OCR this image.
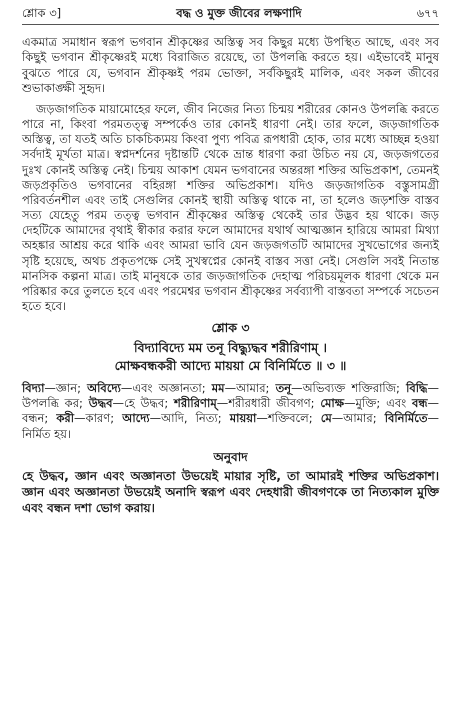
শ্লোক ৩]	বদ্ধ ও মুক্ত জীবের লক্ষণাদি	৬৭৭

একমাত্র সমাধান স্বরূপ ভগবান শ্রীকৃষ্ণের অস্তিত্ব সব কিছুর মধ্যে উপস্থিত আছে, এবং সব কিছুই ভগবান শ্রীকৃষ্ণেরই মধ্যে বিরাজিত রয়েছে, তা উপলব্ধি করতে হয়। এইভাবেই মানুষ বুঝতে পারে যে, ভগবান শ্রীকৃষ্ণই পরম ভোক্তা, সর্বকিছুরই মালিক, এবং সকল জীবের শুভাকাঙ্ক্ষী সুহৃদ।

জড়জাগতিক মায়ামোহের ফলে, জীব নিজের নিত্য চিন্ময় শরীরের কোনও উপলব্ধি করতে পারে না, কিংবা পরমতত্ত্ব সম্পর্কেও তার কোনই ধারণা নেই। তার ফলে, জড়জাগতিক অস্তিত্ব, তা যতই অতি চাকচিক্যময় কিংবা পুণ্য পবিত্র রূপধারী হোক, তার মধ্যে আচ্ছন্ন হওয়া সর্বদাই মূর্খতা মাত্র। স্বপ্নদর্শনের দৃষ্টান্তটি থেকে ভ্রান্ত ধারণা করা উচিত নয় যে, জড়জগতের দুঃখ কোনই অস্তিত্ব নেই। চিন্ময় আকাশ যেমন ভগবানের অন্তরঙ্গা শক্তির অভিপ্রকাশ, তেমনই জড়প্রকৃতিও ভগবানের বহিরঙ্গা শক্তির অভিপ্রকাশ। যদিও জড়জাগতিক বস্তুসামগ্রী পরিবর্তনশীল এবং তাই সেগুলির কোনই স্থায়ী অস্তিত্ব থাকে না, তা হলেও জড়শক্তি বাস্তব সত্য যেহেতু পরম তত্ত্ব ভগবান শ্রীকৃষ্ণের অস্তিত্ব থেকেই তার উদ্ভব হয় থাকে। জড় দেহটিকে আমাদের বৃথাই স্বীকার করার ফলে আমাদের যথার্থ আত্মজ্ঞান হারিয়ে আমরা মিথ্যা অহঙ্কার আশ্রয় করে থাকি এবং আমরা ভাবি যেন জড়জগতটি আমাদের সুখভোগের জন্যই সৃষ্টি হয়েছে, অথচ প্রকৃতপক্ষে সেই সুখস্বপ্নের কোনই বাস্তব সত্তা নেই। সেগুলি সবই নিতান্ত মানসিক কল্পনা মাত্র। তাই মানুষকে তার জড়জাগতিক দেহাত্ম পরিচয়মূলক ধারণা থেকে মন পরিষ্কার করে তুলতে হবে এবং পরমেশ্বর ভগবান শ্রীকৃষ্ণের সর্বব্যাপী বাস্তবতা সম্পর্কে সচেতন হতে হবে।

শ্লোক ৩
বিদ্যাবিদ্যে মম তনূ বিদ্ধ্যুদ্ধব শরীরিণাম্ ।
মোক্ষবন্ধকরী আদ্যে মায়য়া মে বিনির্মিতে ॥ ৩ ॥

বিদ্যা—জ্ঞান; অবিদ্যে—এবং অজ্ঞানতা; মম—আমার; তনূ—অভিব্যক্ত শক্তিরাজি; বিদ্ধি—উপলব্ধি কর; উদ্ধব—হে উদ্ধব; শরীরিণাম্—শরীরধারী জীবগণ; মোক্ষ—মুক্তি; এবং বন্ধ—বন্ধন; করী—কারণ; আদ্যে—আদি, নিত্য; মায়য়া—শক্তিবলে; মে—আমার; বিনির্মিতে—নির্মিত হয়।

অনুবাদ

হে উদ্ধব, জ্ঞান এবং অজ্ঞানতা উভয়েই মায়ার সৃষ্টি, তা আমারই শক্তির অভিপ্রকাশ। জ্ঞান এবং অজ্ঞানতা উভয়েই অনাদি স্বরূপ এবং দেহধারী জীবগণকে তা নিত্যকাল মুক্তি এবং বন্ধন দশা ভোগ করায়।
